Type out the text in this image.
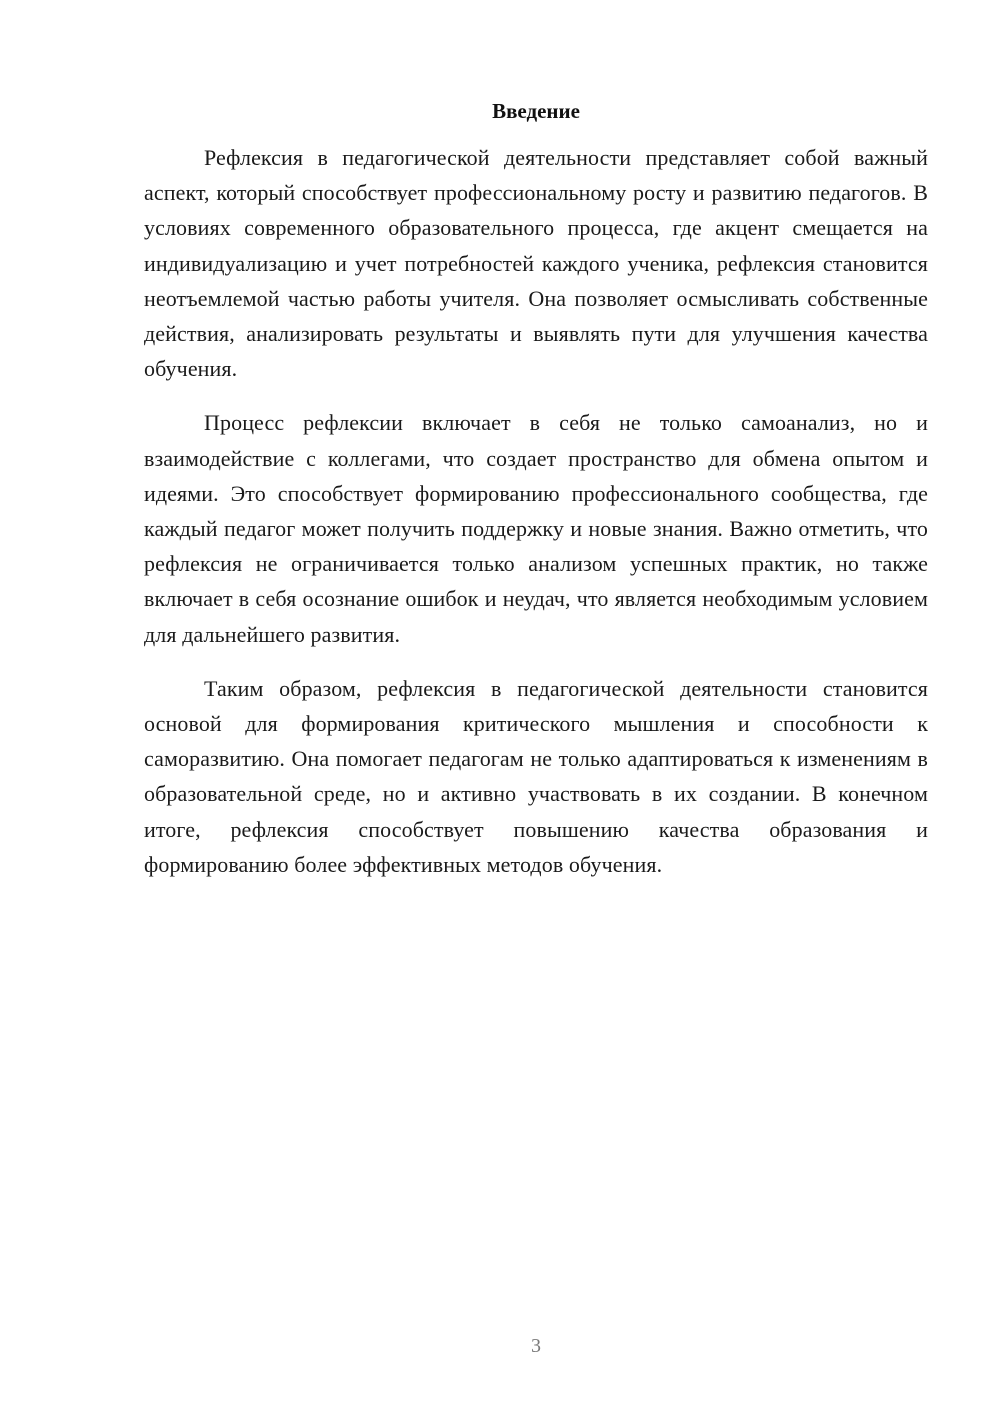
Введение

Рефлексия в педагогической деятельности представляет собой важный аспект, который способствует профессиональному росту и развитию педагогов. В условиях современного образовательного процесса, где акцент смещается на индивидуализацию и учет потребностей каждого ученика, рефлексия становится неотъемлемой частью работы учителя. Она позволяет осмысливать собственные действия, анализировать результаты и выявлять пути для улучшения качества обучения.

Процесс рефлексии включает в себя не только самоанализ, но и взаимодействие с коллегами, что создает пространство для обмена опытом и идеями. Это способствует формированию профессионального сообщества, где каждый педагог может получить поддержку и новые знания. Важно отметить, что рефлексия не ограничивается только анализом успешных практик, но также включает в себя осознание ошибок и неудач, что является необходимым условием для дальнейшего развития.

Таким образом, рефлексия в педагогической деятельности становится основой для формирования критического мышления и способности к саморазвитию. Она помогает педагогам не только адаптироваться к изменениям в образовательной среде, но и активно участвовать в их создании. В конечном итоге, рефлексия способствует повышению качества образования и формированию более эффективных методов обучения.

3
